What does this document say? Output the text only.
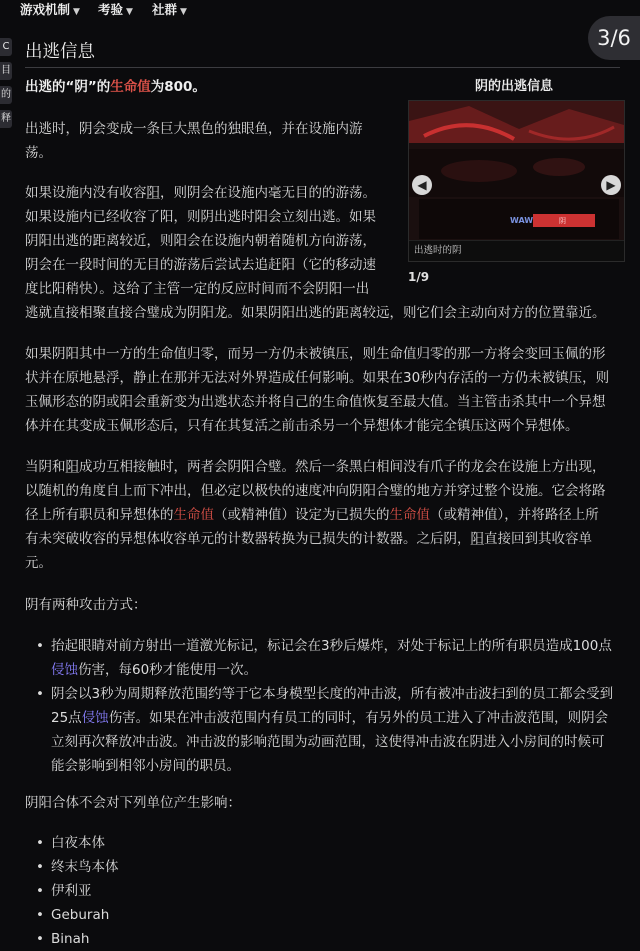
游戏机制 ▼ 考验 ▼ 社群 ▼
C
目
的
释
3/6
出逃信息

出逃的“阴”的生命值为800。	阴的出逃信息
WAW	阴
◀	▶
出逃时的阴
1/9

出逃时，阴会变成一条巨大黑色的独眼鱼，并在设施内游
荡。

如果设施内没有收容阳，则阴会在设施内毫无目的的游荡。
如果设施内已经收容了阳，则阴出逃时阳会立刻出逃。如果
阴阳出逃的距离较近，则阳会在设施内朝着随机方向游荡，
阴会在一段时间的无目的游荡后尝试去追赶阳（它的移动速
度比阳稍快）。这给了主管一定的反应时间而不会阴阳一出
逃就直接相聚直接合璧成为阴阳龙。如果阴阳出逃的距离较远，则它们会主动向对方的位置靠近。

如果阴阳其中一方的生命值归零，而另一方仍未被镇压，则生命值归零的那一方将会变回玉佩的形
状并在原地悬浮，静止在那并无法对外界造成任何影响。如果在30秒内存活的一方仍未被镇压，则
玉佩形态的阴或阳会重新变为出逃状态并将自己的生命值恢复至最大值。当主管击杀其中一个异想
体并在其变成玉佩形态后，只有在其复活之前击杀另一个异想体才能完全镇压这两个异想体。

当阴和阳成功互相接触时，两者会阴阳合璧。然后一条黑白相间没有爪子的龙会在设施上方出现，
以随机的角度自上而下冲出，但必定以极快的速度冲向阴阳合璧的地方并穿过整个设施。它会将路
径上所有职员和异想体的生命值（或精神值）设定为已损失的生命值（或精神值），并将路径上所
有未突破收容的异想体收容单元的计数器转换为已损失的计数器。之后阴，阳直接回到其收容单
元。

阴有两种攻击方式：

• 抬起眼睛对前方射出一道激光标记，标记会在3秒后爆炸，对处于标记上的所有职员造成100点
侵蚀伤害，每60秒才能使用一次。
• 阴会以3秒为周期释放范围约等于它本身模型长度的冲击波，所有被冲击波扫到的员工都会受到
25点侵蚀伤害。如果在冲击波范围内有员工的同时，有另外的员工进入了冲击波范围，则阴会
立刻再次释放冲击波。冲击波的影响范围为动画范围，这使得冲击波在阴进入小房间的时候可
能会影响到相邻小房间的职员。

阴阳合体不会对下列单位产生影响：

• 白夜本体
• 终末鸟本体
• 伊利亚
• Geburah
• Binah
